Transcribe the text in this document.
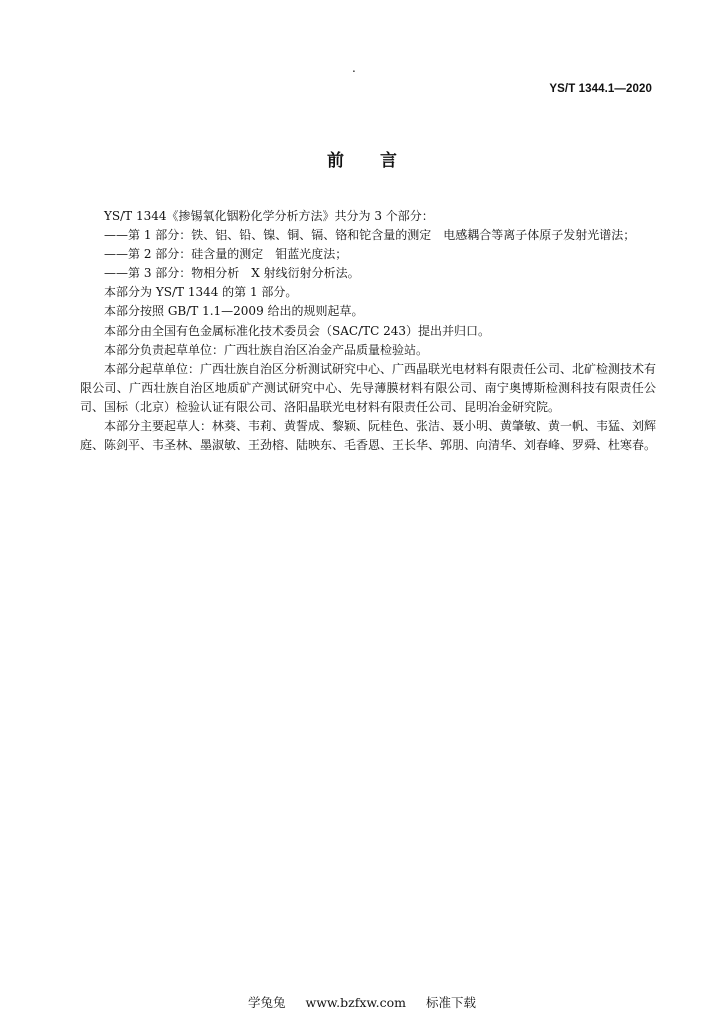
.
YS/T 1344.1—2020
前言

YS/T 1344《掺锡氧化铟粉化学分析方法》共分为 3 个部分：

——第 1 部分：铁、铝、铅、镍、铜、镉、铬和铊含量的测定　电感耦合等离子体原子发射光谱法；

——第 2 部分：硅含量的测定　钼蓝光度法；

——第 3 部分：物相分析　X 射线衍射分析法。

本部分为 YS/T 1344 的第 1 部分。

本部分按照 GB/T 1.1—2009 给出的规则起草。

本部分由全国有色金属标准化技术委员会（SAC/TC 243）提出并归口。

本部分负责起草单位：广西壮族自治区冶金产品质量检验站。

本部分起草单位：广西壮族自治区分析测试研究中心、广西晶联光电材料有限责任公司、北矿检测技术有限公司、广西壮族自治区地质矿产测试研究中心、先导薄膜材料有限公司、南宁奥博斯检测科技有限责任公司、国标（北京）检验认证有限公司、洛阳晶联光电材料有限责任公司、昆明冶金研究院。

本部分主要起草人：林葵、韦莉、黄誓成、黎颖、阮桂色、张洁、聂小明、黄肇敏、黄一帆、韦猛、刘辉庭、陈剑平、韦圣林、墨淑敏、王劲榕、陆映东、毛香恩、王长华、郭朋、向清华、刘春峰、罗舜、杜寒春。

学兔兔 www.bzfxw.com 标准下载
